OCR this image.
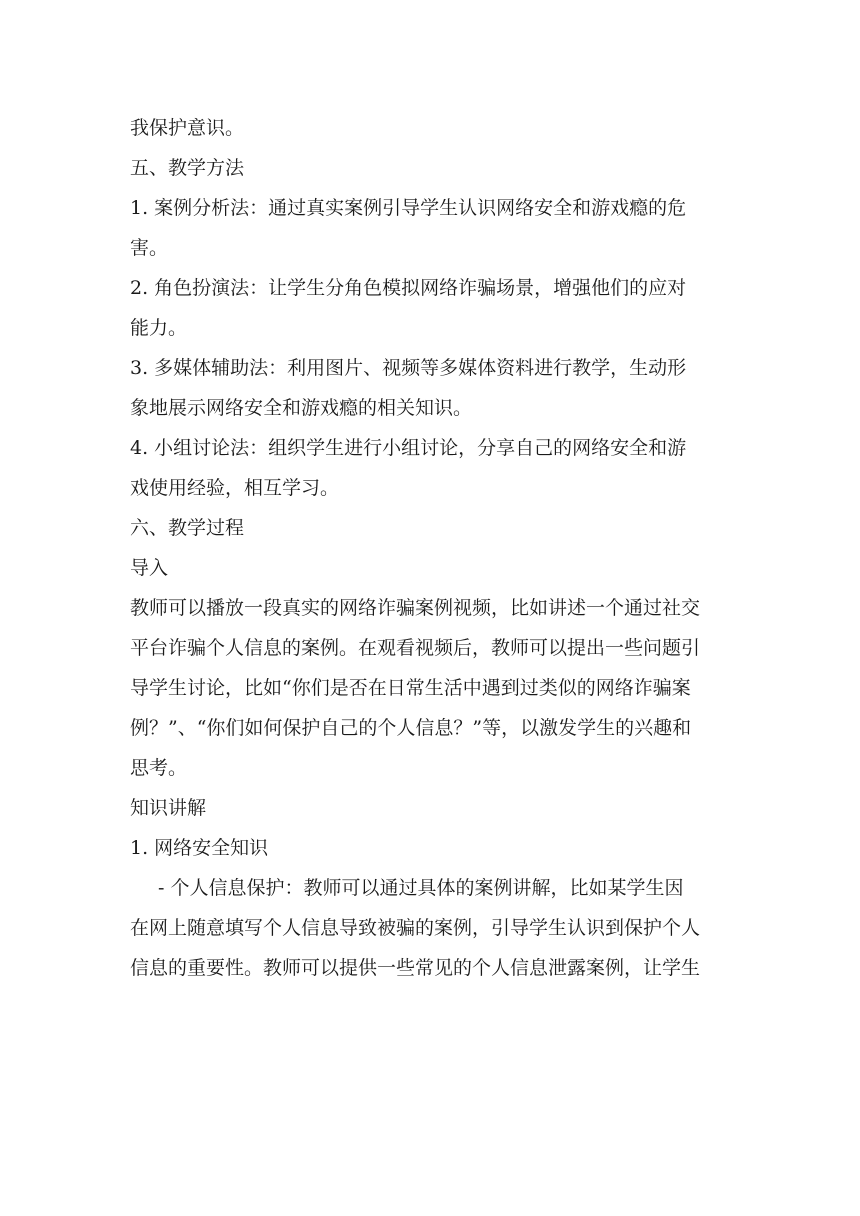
我保护意识。
五、教学方法
1. 案例分析法：通过真实案例引导学生认识网络安全和游戏瘾的危
害。
2. 角色扮演法：让学生分角色模拟网络诈骗场景，增强他们的应对
能力。
3. 多媒体辅助法：利用图片、视频等多媒体资料进行教学，生动形
象地展示网络安全和游戏瘾的相关知识。
4. 小组讨论法：组织学生进行小组讨论，分享自己的网络安全和游
戏使用经验，相互学习。
六、教学过程
导入
教师可以播放一段真实的网络诈骗案例视频，比如讲述一个通过社交
平台诈骗个人信息的案例。在观看视频后，教师可以提出一些问题引
导学生讨论，比如“你们是否在日常生活中遇到过类似的网络诈骗案
例？”、“你们如何保护自己的个人信息？”等，以激发学生的兴趣和
思考。
知识讲解
1. 网络安全知识
- 个人信息保护：教师可以通过具体的案例讲解，比如某学生因
在网上随意填写个人信息导致被骗的案例，引导学生认识到保护个人
信息的重要性。教师可以提供一些常见的个人信息泄露案例，让学生
